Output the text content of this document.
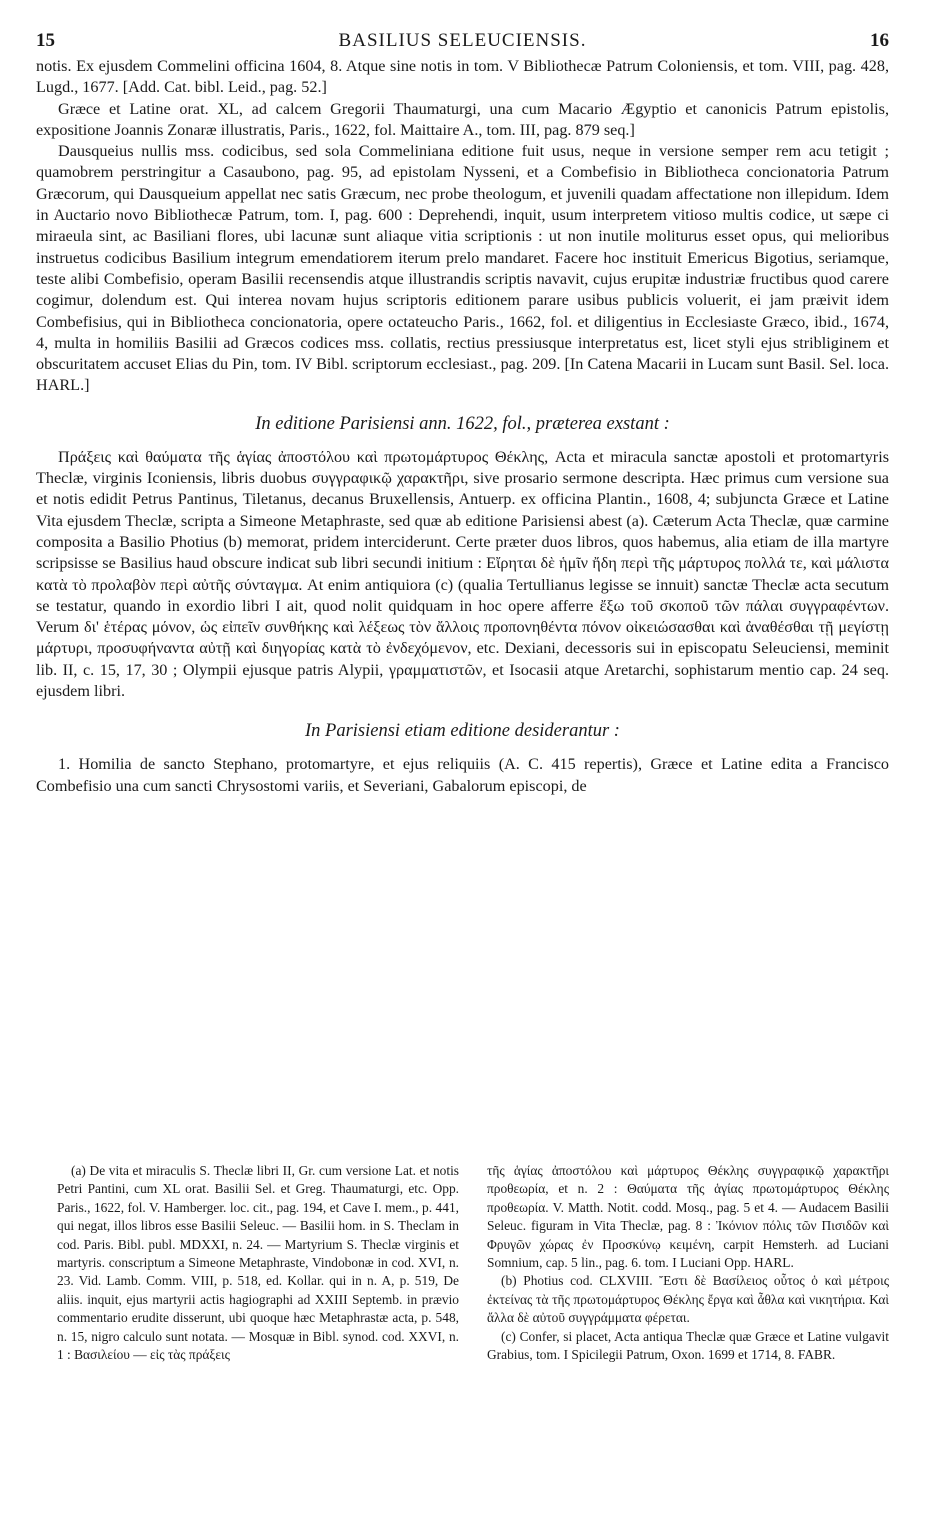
15	BASILIUS SELEUCIENSIS.	16

notis. Ex ejusdem Commelini officina 1604, 8. Atque sine notis in tom. V Bibliothecæ Patrum Coloniensis, et tom. VIII, pag. 428, Lugd., 1677. [Add. Cat. bibl. Leid., pag. 52.]

Græce et Latine orat. XL, ad calcem Gregorii Thaumaturgi, una cum Macario Ægyptio et canonicis Patrum epistolis, expositione Joannis Zonaræ illustratis, Paris., 1622, fol. Maittaire A., tom. III, pag. 879 seq.]

Dausqueius nullis mss. codicibus, sed sola Commeliniana editione fuit usus, neque in versione semper rem acu tetigit ; quamobrem perstringitur a Casaubono, pag. 95, ad epistolam Nysseni, et a Combefisio in Bibliotheca concionatoria Patrum Græcorum, qui Dausqueium appellat nec satis Græcum, nec probe theologum, et juvenili quadam affectatione non illepidum. Idem in Auctario novo Bibliothecæ Patrum, tom. I, pag. 600 : Deprehendi, inquit, usum interpretem vitioso multis codice, ut sæpe ci miraeula sint, ac Basiliani flores, ubi lacunæ sunt aliaque vitia scriptionis : ut non inutile moliturus esset opus, qui melioribus instruetus codicibus Basilium integrum emendatiorem iterum prelo mandaret. Facere hoc instituit Emericus Bigotius, seriamque, teste alibi Combefisio, operam Basilii recensendis atque illustrandis scriptis navavit, cujus erupitæ industriæ fructibus quod carere cogimur, dolendum est. Qui interea novam hujus scriptoris editionem parare usibus publicis voluerit, ei jam præivit idem Combefisius, qui in Bibliotheca concionatoria, opere octateucho Paris., 1662, fol. et diligentius in Ecclesiaste Græco, ibid., 1674, 4, multa in homiliis Basilii ad Græcos codices mss. collatis, rectius pressiusque interpretatus est, licet styli ejus stribliginem et obscuritatem accuset Elias du Pin, tom. IV Bibl. scriptorum ecclesiast., pag. 209. [In Catena Macarii in Lucam sunt Basil. Sel. loca. HARL.]

In editione Parisiensi ann. 1622, fol., præterea exstant :

Πράξεις καὶ θαύματα τῆς ἁγίας ἀποστόλου καὶ πρωτομάρτυρος Θέκλης, Acta et miracula sanctæ apostoli et protomartyris Theclæ, virginis Iconiensis, libris duobus συγγραφικῷ χαρακτῆρι, sive prosario sermone descripta. Hæc primus cum versione sua et notis edidit Petrus Pantinus, Tiletanus, decanus Bruxellensis, Antuerp. ex officina Plantin., 1608, 4; subjuncta Græce et Latine Vita ejusdem Theclæ, scripta a Simeone Metaphraste, sed quæ ab editione Parisiensi abest (a). Cæterum Acta Theclæ, quæ carmine composita a Basilio Photius (b) memorat, pridem interciderunt. Certe præter duos libros, quos habemus, alia etiam de illa martyre scripsisse se Basilius haud obscure indicat sub libri secundi initium : Εἴρηται δὲ ἡμῖν ἤδη περὶ τῆς μάρτυρος πολλά τε, καὶ μάλιστα κατὰ τὸ προλαβὸν περὶ αὐτῆς σύνταγμα. At enim antiquiora (c) (qualia Tertullianus legisse se innuit) sanctæ Theclæ acta secutum se testatur, quando in exordio libri I ait, quod nolit quidquam in hoc opere afferre ἔξω τοῦ σκοποῦ τῶν πάλαι συγγραφέντων. Verum δι' ἑτέρας μόνον, ὡς εἰπεῖν συνθήκης καὶ λέξεως τὸν ἄλλοις προπονηθέντα πόνον οἰκειώσασθαι καὶ ἀναθέσθαι τῇ μεγίστῃ μάρτυρι, προσυφήναντα αὐτῇ καὶ διηγορίας κατὰ τὸ ἐνδεχόμενον, etc. Dexiani, decessoris sui in episcopatu Seleuciensi, meminit lib. II, c. 15, 17, 30 ; Olympii ejusque patris Alypii, γραμματιστῶν, et Isocasii atque Aretarchi, sophistarum mentio cap. 24 seq. ejusdem libri.

In Parisiensi etiam editione desiderantur :

1. Homilia de sancto Stephano, protomartyre, et ejus reliquiis (A. C. 415 repertis), Græce et Latine edita a Francisco Combefisio una cum sancti Chrysostomi variis, et Severiani, Gabalorum episcopi, de

(a) De vita et miraculis S. Theclæ libri II, Gr. cum versione Lat. et notis Petri Pantini, cum XL orat. Basilii Sel. et Greg. Thaumaturgi, etc. Opp. Paris., 1622, fol. V. Hamberger. loc. cit., pag. 194, et Cave I. mem., p. 441, qui negat, illos libros esse Basilii Seleuc. — Basilii hom. in S. Theclam in cod. Paris. Bibl. publ. MDXXI, n. 24. — Martyrium S. Theclæ virginis et martyris. conscriptum a Simeone Metaphraste, Vindobonæ in cod. XVI, n. 23. Vid. Lamb. Comm. VIII, p. 518, ed. Kollar. qui in n. A, p. 519, De aliis. inquit, ejus martyrii actis hagiographi ad XXIII Septemb. in prævio commentario erudite disserunt, ubi quoque hæc Metaphrastæ acta, p. 548, n. 15, nigro calculo sunt notata. — Mosquæ in Bibl. synod. cod. XXVI, n. 1 : Βασιλείου — εἰς τὰς πράξεις

τῆς ἁγίας ἀποστόλου καὶ μάρτυρος Θέκλης συγγραφικῷ χαρακτῆρι προθεωρία, et n. 2 : Θαύματα τῆς ἁγίας πρωτομάρτυρος Θέκλης προθεωρία. V. Matth. Notit. codd. Mosq., pag. 5 et 4. — Audacem Basilii Seleuc. figuram in Vita Theclæ, pag. 8 : Ἰκόνιον πόλις τῶν Πισιδῶν καὶ Φρυγῶν χώρας ἐν Προσκύνῳ κειμένη, carpit Hemsterh. ad Luciani Somnium, cap. 5 lin., pag. 6. tom. I Luciani Opp. HARL.

(b) Photius cod. CLXVIII. Ἔστι δὲ Βασίλειος οὗτος ὁ καὶ μέτροις ἐκτείνας τὰ τῆς πρωτομάρτυρος Θέκλης ἔργα καὶ ἆθλα καὶ νικητήρια. Καὶ ἄλλα δὲ αὐτοῦ συγγράμματα φέρεται.

(c) Confer, si placet, Acta antiqua Theclæ quæ Græce et Latine vulgavit Grabius, tom. I Spicilegii Patrum, Oxon. 1699 et 1714, 8. FABR.
